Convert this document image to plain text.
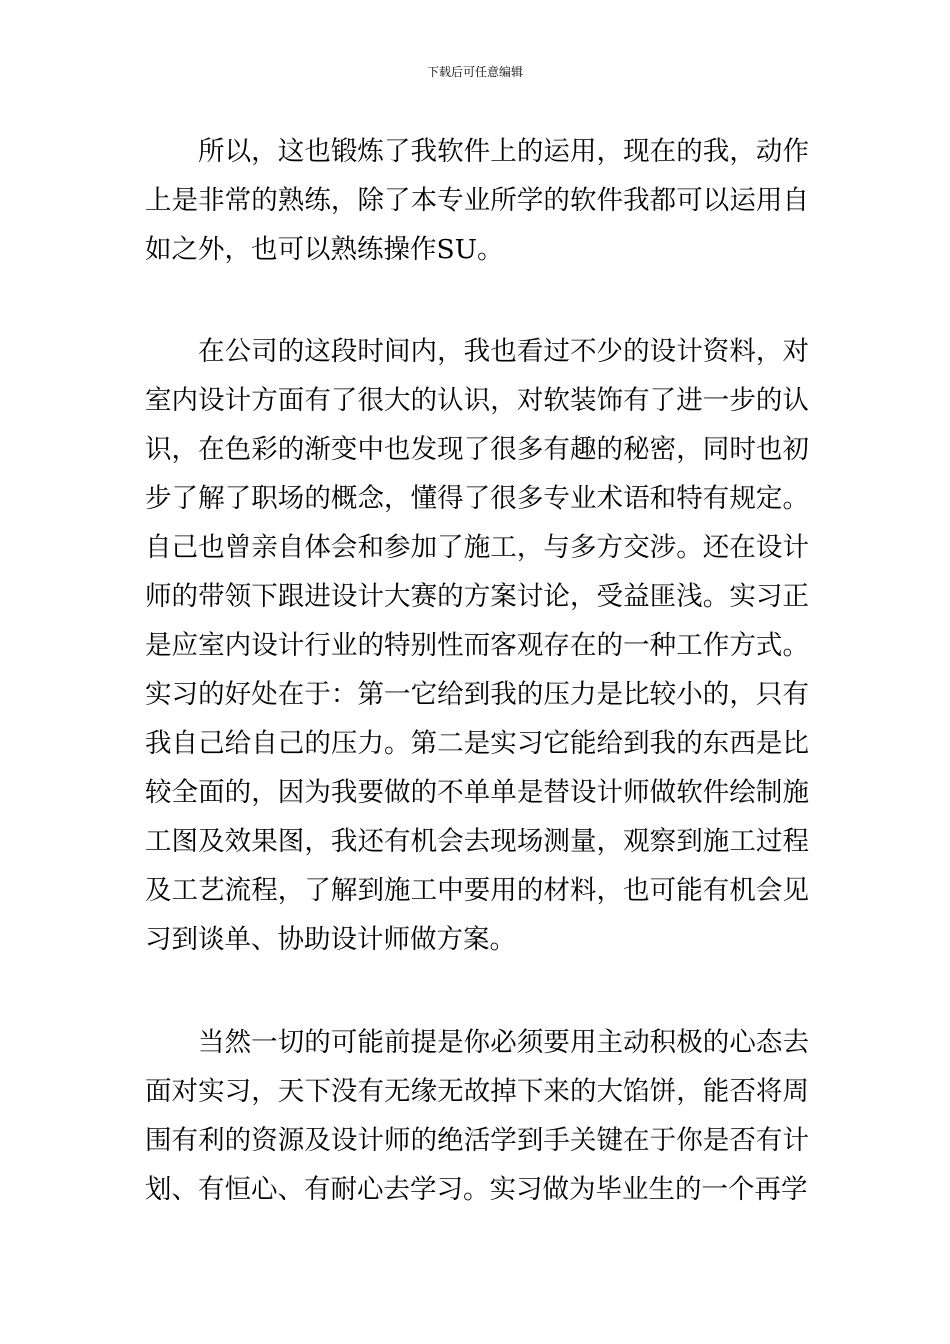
下载后可任意编辑

所以，这也锻炼了我软件上的运用，现在的我，动作上是非常的熟练，除了本专业所学的软件我都可以运用自如之外，也可以熟练操作SU。

在公司的这段时间内，我也看过不少的设计资料，对室内设计方面有了很大的认识，对软装饰有了进一步的认识，在色彩的渐变中也发现了很多有趣的秘密，同时也初步了解了职场的概念，懂得了很多专业术语和特有规定。自己也曾亲自体会和参加了施工，与多方交涉。还在设计师的带领下跟进设计大赛的方案讨论，受益匪浅。实习正是应室内设计行业的特别性而客观存在的一种工作方式。实习的好处在于：第一它给到我的压力是比较小的，只有我自己给自己的压力。第二是实习它能给到我的东西是比较全面的，因为我要做的不单单是替设计师做软件绘制施工图及效果图，我还有机会去现场测量，观察到施工过程及工艺流程，了解到施工中要用的材料，也可能有机会见习到谈单、协助设计师做方案。

当然一切的可能前提是你必须要用主动积极的心态去面对实习，天下没有无缘无故掉下来的大馅饼，能否将周围有利的资源及设计师的绝活学到手关键在于你是否有计划、有恒心、有耐心去学习。实习做为毕业生的一个再学
